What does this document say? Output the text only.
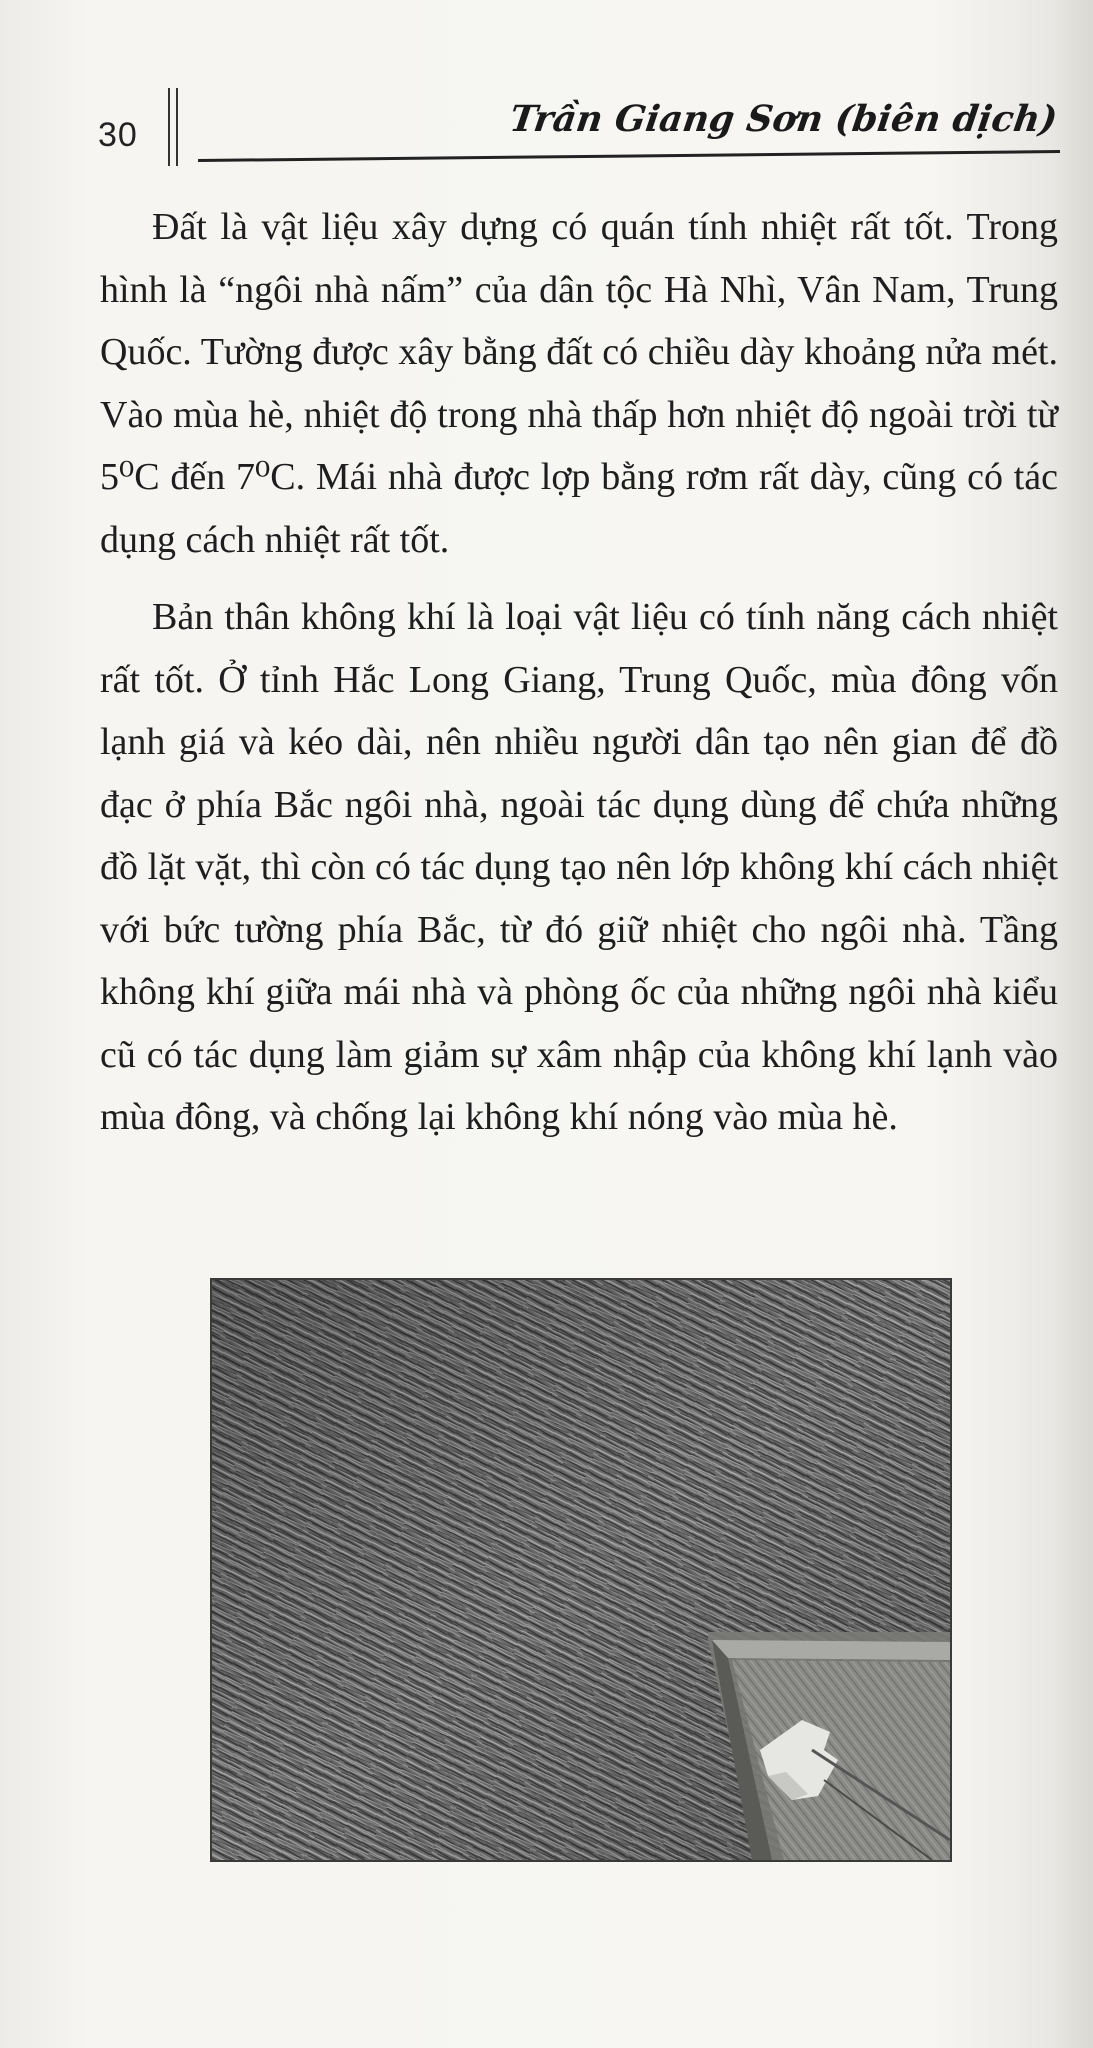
30	Trần Giang Sơn (biên dịch)

Đất là vật liệu xây dựng có quán tính nhiệt rất tốt. Trong hình là “ngôi nhà nấm” của dân tộc Hà Nhì, Vân Nam, Trung Quốc. Tường được xây bằng đất có chiều dày khoảng nửa mét. Vào mùa hè, nhiệt độ trong nhà thấp hơn nhiệt độ ngoài trời từ 5⁰C đến 7⁰C. Mái nhà được lợp bằng rơm rất dày, cũng có tác dụng cách nhiệt rất tốt.

Bản thân không khí là loại vật liệu có tính năng cách nhiệt rất tốt. Ở tỉnh Hắc Long Giang, Trung Quốc, mùa đông vốn lạnh giá và kéo dài, nên nhiều người dân tạo nên gian để đồ đạc ở phía Bắc ngôi nhà, ngoài tác dụng dùng để chứa những đồ lặt vặt, thì còn có tác dụng tạo nên lớp không khí cách nhiệt với bức tường phía Bắc, từ đó giữ nhiệt cho ngôi nhà. Tầng không khí giữa mái nhà và phòng ốc của những ngôi nhà kiểu cũ có tác dụng làm giảm sự xâm nhập của không khí lạnh vào mùa đông, và chống lại không khí nóng vào mùa hè.
